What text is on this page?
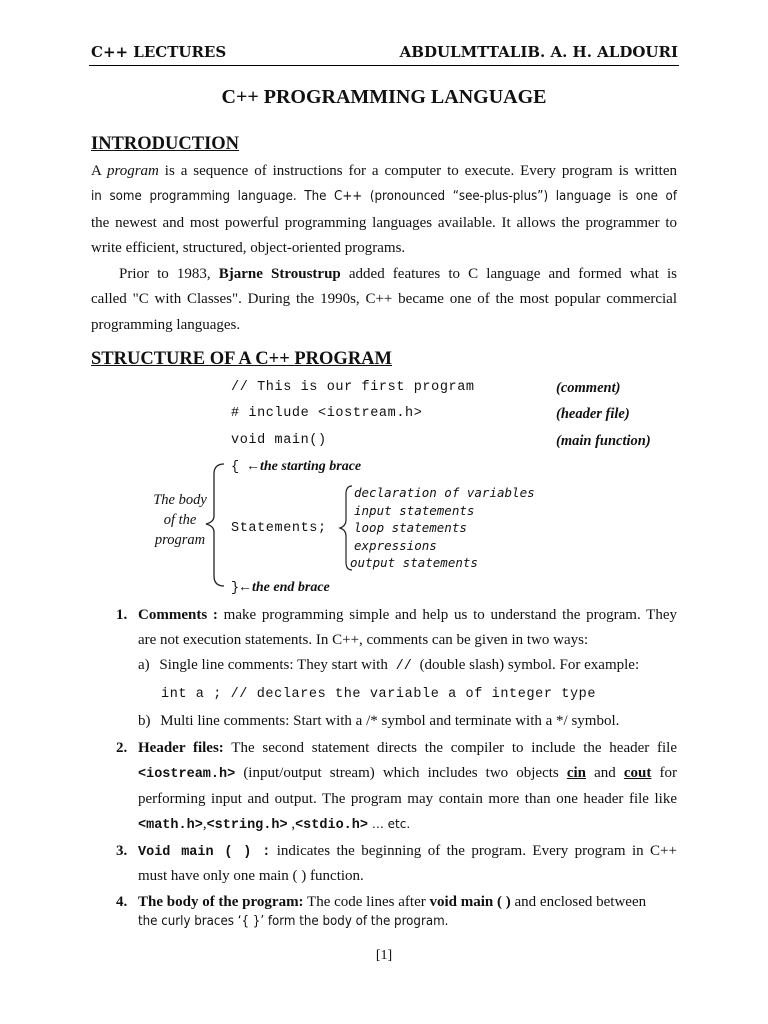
C++ LECTURES	ABDULMTTALIB. A. H. ALDOURI
C++ PROGRAMMING LANGUAGE
INTRODUCTION
A program is a sequence of instructions for a computer to execute. Every program is written
in some programming language. The C++ (pronounced “see-plus-plus”) language is one of
the newest and most powerful programming languages available. It allows the programmer to
write efficient, structured, object-oriented programs.
Prior to 1983, Bjarne Stroustrup added features to C language and formed what is
called "C with Classes". During the 1990s, C++ became one of the most popular commercial
programming languages.
STRUCTURE OF A C++ PROGRAM
// This is our first program	(comment)
# include <iostream.h>	(header file)
void main()	(main function)
{ ←the starting brace
The body
of the
program
Statements;
declaration of variables
input statements
loop statements
expressions
output statements
}
←the end brace
1. Comments : make programming simple and help us to understand the program. They
are not execution statements. In C++, comments can be given in two ways:
a) Single line comments: They start with // (double slash) symbol. For example:
int a ; // declares the variable a of integer type
b) Multi line comments: Start with a /* symbol and terminate with a */ symbol.
2. Header files: The second statement directs the compiler to include the header file
<iostream.h> (input/output stream) which includes two objects cin and cout for
performing input and output. The program may contain more than one header file like
<math.h>,<string.h> ,<stdio.h> … etc.
3. Void main ( ) : indicates the beginning of the program. Every program in C++
must have only one main ( ) function.
4. The body of the program: The code lines after void main ( ) and enclosed between
the curly braces ‘{ }’ form the body of the program.
[1]
